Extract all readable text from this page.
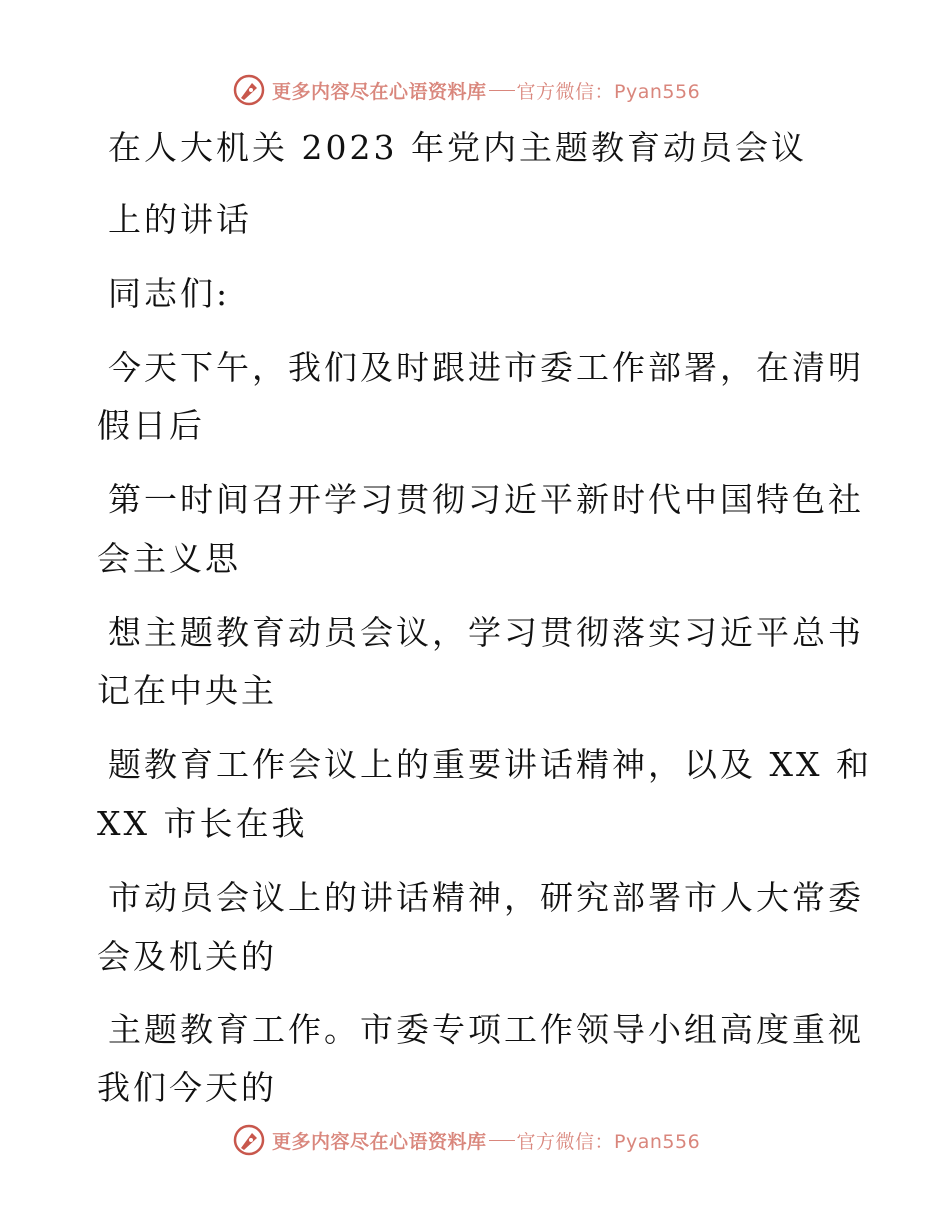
更多内容尽在心语资料库 官方微信：Pyan556
在人大机关 2023 年党内主题教育动员会议
上的讲话
同志们:
今天下午，我们及时跟进市委工作部署，在清明
假日后
第一时间召开学习贯彻习近平新时代中国特色社
会主义思
想主题教育动员会议，学习贯彻落实习近平总书
记在中央主
题教育工作会议上的重要讲话精神，以及 XX 和
XX 市长在我
市动员会议上的讲话精神，研究部署市人大常委
会及机关的
主题教育工作。市委专项工作领导小组高度重视
我们今天的
更多内容尽在心语资料库 官方微信：Pyan556
